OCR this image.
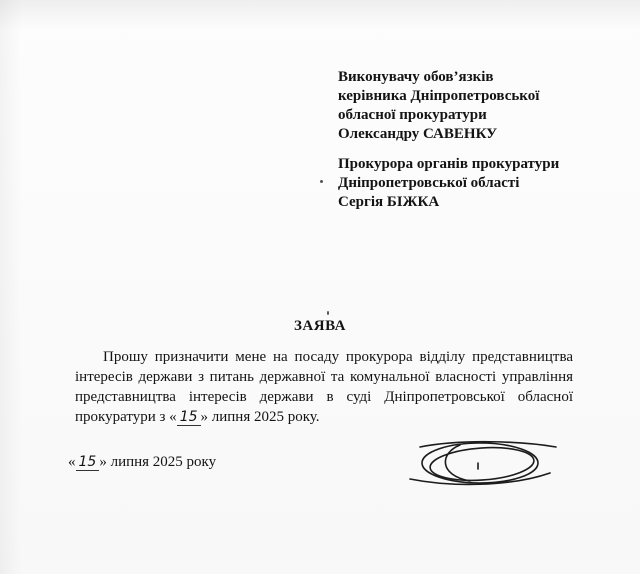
Виконувачу обов’язків
керівника Дніпропетровської
обласної прокуратури
Олександру САВЕНКУ
Прокурора органів прокуратури
Дніпропетровської області
Сергія БІЖКА
ЗАЯВА
Прошу призначити мене на посаду прокурора відділу представництва
інтересів держави з питань державної та комунальної власності управління
представництва інтересів держави в суді Дніпропетровської обласної
прокуратури з « 15 » липня 2025 року.
« 15 » липня 2025 року
